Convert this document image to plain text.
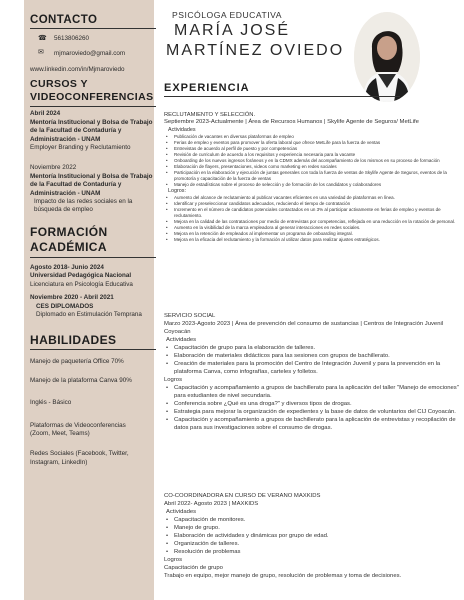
CONTACTO
☎ 5613806260
✉ mjmaroviedo@gmail.com
www.linkedin.com/in/Mjmaroviedo
CURSOS Y VIDEOCONFERENCIAS
Abril 2024
Mentoría Institucional y Bolsa de Trabajo de la Facultad de Contaduría y Administración - UNAM
Employer Branding y Reclutamiento
Noviembre 2022
Mentoría Institucional y Bolsa de Trabajo de la Facultad de Contaduría y Administración - UNAM
Impacto de las redes sociales en la búsqueda de empleo
FORMACIÓN ACADÉMICA
Agosto 2018- Junio 2024
Universidad Pedagógica Nacional
Licenciatura en Psicología Educativa
Noviembre 2020 - Abril 2021
CES DIPLOMADOS
Diplomado en Estimulación Temprana
HABILIDADES
Manejo de paquetería Office 70%
Manejo de la plataforma Canva 90%
Inglés - Básico
Plataformas de Videoconferencias (Zoom, Meet, Teams)
Redes Sociales (Facebook, Twitter, Instagram, LinkedIn)
PSICÓLOGA EDUCATIVA
MARÍA JOSÉ
MARTÍNEZ OVIEDO
EXPERIENCIA
RECLUTAMIENTO Y SELECCIÓN.
Septiembre 2023-Actualmente | Área de Recursos Humanos | Skylife Agente de Seguros/ MetLife
Actividades
• Publicación de vacantes en diversas plataformas de empleo
• Ferias de empleo y eventos para promover la oferta laboral que ofrece MetLife para la fuerza de ventas
• Entrevistas de acuerdo al perfil de puesto y por competencias
• Revisión de curriculum de acuerdo a los requisitos y experiencia necesaria para la vacante
• Onboarding de los nuevos ingresos foráneos y en la CDMX además del acompañamiento de los mismos en su proceso de formación
• Elaboración de flayers, presentaciones, videos como marketing en redes sociales
• Participación en la elaboración y ejecución de juntas generales con toda la fuerza de ventas de Skylife Agente de Seguros, eventos de la promotoría y capacitación de la fuerza de ventas
• Manejo de estadísticas sobre el proceso de selección y de formación de los candidatos y colaboradores
Logros:
• Aumento del alcance de reclutamiento al publicar vacantes eficientes en una variedad de plataformas en línea.
• Identificar y preseleccionar candidatos adecuados, reduciendo el tiempo de contratación
• Incremento en el número de candidatos potenciales contactados en un 3% al participar activamente en ferias de empleo y eventos de reclutamiento.
• Mejora en la calidad de las contrataciones por medio de entrevistas por competencias, reflejada en una reducción en la rotación de personal.
• Aumento en la visibilidad de la marca empleadora al generar interacciones en redes sociales.
• Mejora en la retención de empleados al implementar un programa de onboarding integral.
• Mejora en la eficacia del reclutamiento y la formación al utilizar datos para realizar ajustes estratégicos.
SERVICIO SOCIAL
Marzo 2023-Agosto 2023 | Área de prevención del consumo de sustancias | Centros de Integración Juvenil Coyoacán
Actividades
• Capacitación de grupo para la elaboración de talleres.
• Elaboración de materiales didácticos para las sesiones con grupos de bachillerato.
• Creación de materiales para la promoción del Centro de Integración Juvenil y para la prevención en la plataforma Canva, como infografías, carteles y folletos.
Logros
• Capacitación y acompañamiento a grupos de bachillerato para la aplicación del taller "Manejo de emociones" para estudiantes de nivel secundaria.
• Conferencia sobre ¿Qué es una droga?" y diversos tipos de drogas.
• Estrategia para mejorar la organización de expedientes y la base de datos de voluntarios del CIJ Coyoacán.
• Capacitación y acompañamiento a grupos de bachillerato para la aplicación de entrevistas y recopilación de datos para sus investigaciones sobre el consumo de drogas.
CO-COORDINADORA EN CURSO DE VERANO MAXKIDS
Abril 2022- Agosto 2023 | MAXKIDS
Actividades
• Capacitación de monitores.
• Manejo de grupo.
• Elaboración de actividades y dinámicas por grupo de edad.
• Organización de talleres.
• Resolución de problemas
Logros
Capacitación de grupo
Trabajo en equipo, mejor manejo de grupo, resolución de problemas y toma de decisiones.
